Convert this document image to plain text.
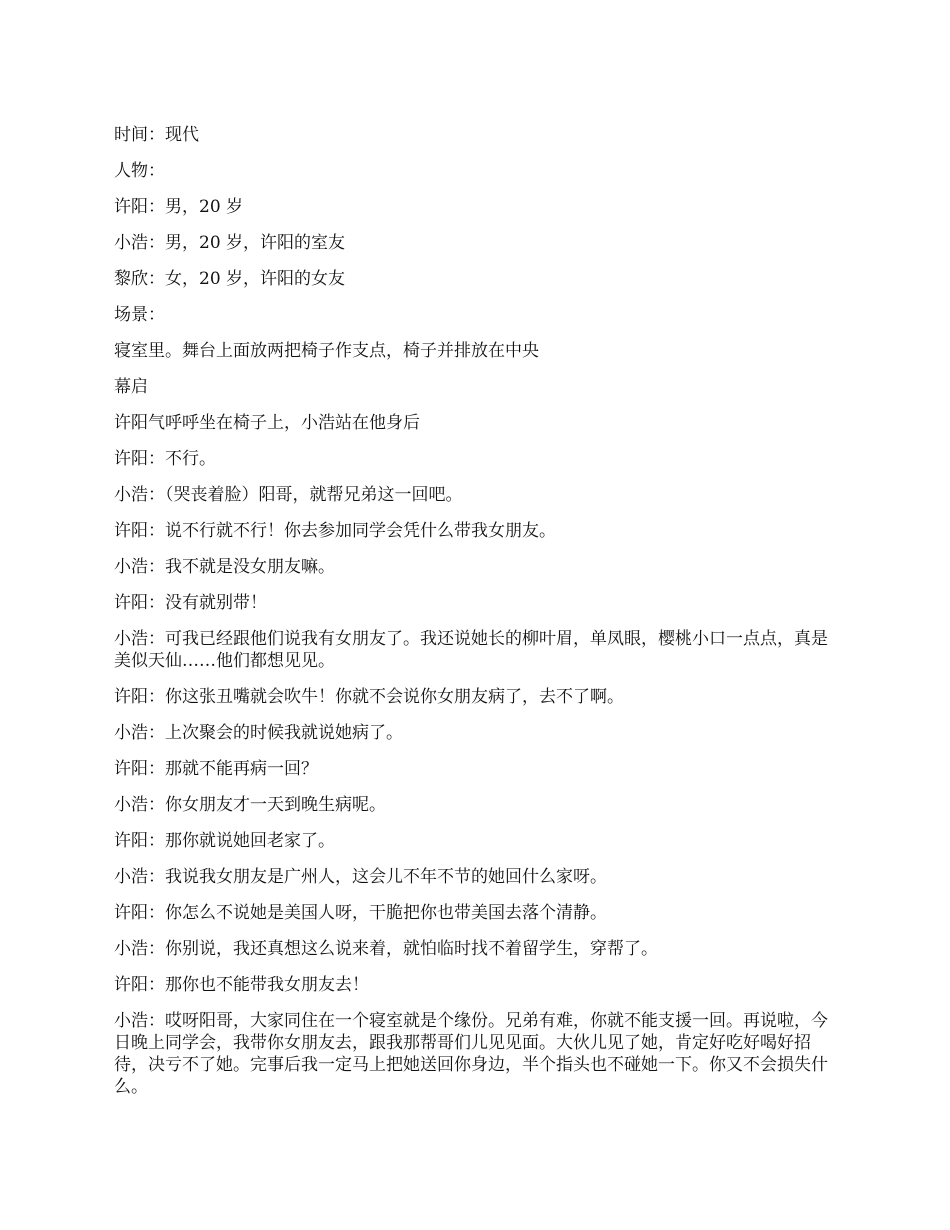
时间：现代

人物：

许阳：男，20 岁

小浩：男，20 岁，许阳的室友

黎欣：女，20 岁，许阳的女友

场景：

寝室里。舞台上面放两把椅子作支点，椅子并排放在中央

幕启

许阳气呼呼坐在椅子上，小浩站在他身后

许阳：不行。

小浩：（哭丧着脸）阳哥，就帮兄弟这一回吧。

许阳：说不行就不行！你去参加同学会凭什么带我女朋友。

小浩：我不就是没女朋友嘛。

许阳：没有就别带！

小浩：可我已经跟他们说我有女朋友了。我还说她长的柳叶眉，单凤眼，樱桃小口一点点，真是美似天仙……他们都想见见。

许阳：你这张丑嘴就会吹牛！你就不会说你女朋友病了，去不了啊。

小浩：上次聚会的时候我就说她病了。

许阳：那就不能再病一回？

小浩：你女朋友才一天到晚生病呢。

许阳：那你就说她回老家了。

小浩：我说我女朋友是广州人，这会儿不年不节的她回什么家呀。

许阳：你怎么不说她是美国人呀，干脆把你也带美国去落个清静。

小浩：你别说，我还真想这么说来着，就怕临时找不着留学生，穿帮了。

许阳：那你也不能带我女朋友去！

小浩：哎呀阳哥，大家同住在一个寝室就是个缘份。兄弟有难，你就不能支援一回。再说啦，今日晚上同学会，我带你女朋友去，跟我那帮哥们儿见见面。大伙儿见了她，肯定好吃好喝好招待，决亏不了她。完事后我一定马上把她送回你身边，半个指头也不碰她一下。你又不会损失什么。
